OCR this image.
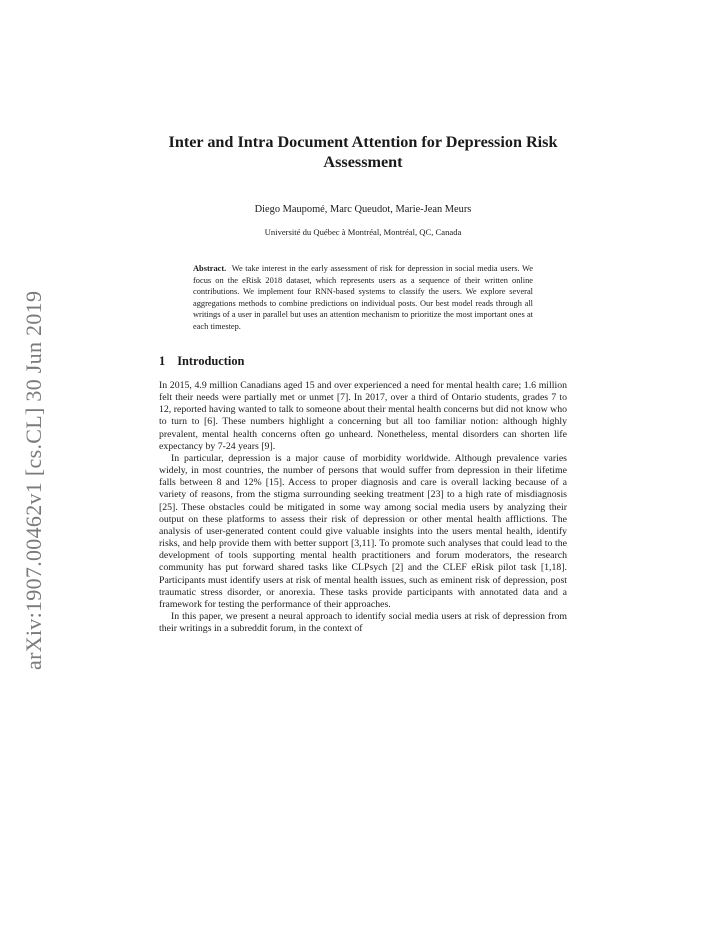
arXiv:1907.00462v1 [cs.CL] 30 Jun 2019
Inter and Intra Document Attention for Depression Risk Assessment
Diego Maupomé, Marc Queudot, Marie-Jean Meurs
Université du Québec à Montréal, Montréal, QC, Canada
Abstract. We take interest in the early assessment of risk for depression in social media users. We focus on the eRisk 2018 dataset, which represents users as a sequence of their written online contributions. We implement four RNN-based systems to classify the users. We explore several aggregations methods to combine predictions on individual posts. Our best model reads through all writings of a user in parallel but uses an attention mechanism to prioritize the most important ones at each timestep.
1 Introduction

In 2015, 4.9 million Canadians aged 15 and over experienced a need for mental health care; 1.6 million felt their needs were partially met or unmet [7]. In 2017, over a third of Ontario students, grades 7 to 12, reported having wanted to talk to someone about their mental health concerns but did not know who to turn to [6]. These numbers highlight a concerning but all too familiar notion: although highly prevalent, mental health concerns often go unheard. Nonetheless, mental disorders can shorten life expectancy by 7-24 years [9].

In particular, depression is a major cause of morbidity worldwide. Although prevalence varies widely, in most countries, the number of persons that would suffer from depression in their lifetime falls between 8 and 12% [15]. Access to proper diagnosis and care is overall lacking because of a variety of reasons, from the stigma surrounding seeking treatment [23] to a high rate of misdiagnosis [25]. These obstacles could be mitigated in some way among social media users by analyzing their output on these platforms to assess their risk of depression or other mental health afflictions. The analysis of user-generated content could give valuable insights into the users mental health, identify risks, and help provide them with better support [3,11]. To promote such analyses that could lead to the development of tools supporting mental health practitioners and forum moderators, the research community has put forward shared tasks like CLPsych [2] and the CLEF eRisk pilot task [1,18]. Participants must identify users at risk of mental health issues, such as eminent risk of depression, post traumatic stress disorder, or anorexia. These tasks provide participants with annotated data and a framework for testing the performance of their approaches.

In this paper, we present a neural approach to identify social media users at risk of depression from their writings in a subreddit forum, in the context of
